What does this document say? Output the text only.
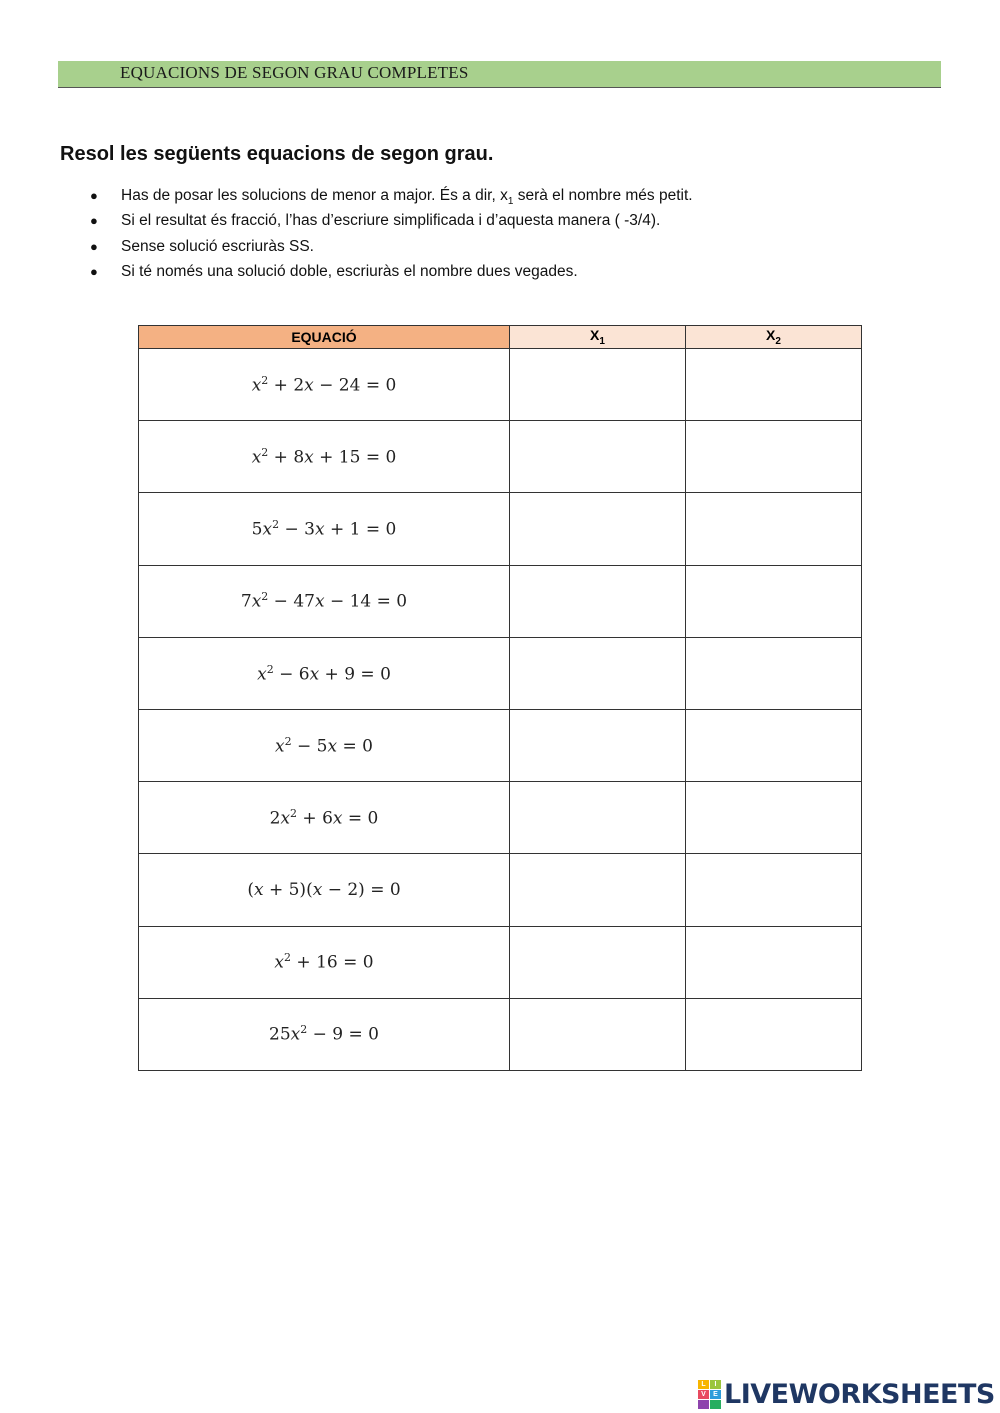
EQUACIONS DE SEGON GRAU COMPLETES
Resol les següents equacions de segon grau.
● Has de posar les solucions de menor a major. És a dir, $x_1$ serà el nombre més petit.
● Si el resultat és fracció, l’has d’escriure simplificada i d’aquesta manera ( -3/4).
● Sense solució escriuràs SS.
● Si té només una solució doble, escriuràs el nombre dues vegades.
EQUACIÓ	$X_1$	$X_2$
$x^2 + 2x - 24 = 0$		
$x^2 + 8x + 15 = 0$		
$5x^2 - 3x + 1 = 0$		
$7x^2 - 47x - 14 = 0$		
$x^2 - 6x + 9 = 0$		
$x^2 - 5x = 0$		
$2x^2 + 6x = 0$		
(x + 5)(x − 2) = 0		
$x^2 + 16 = 0$		
$25x^2 - 9 = 0$		
L	I
V	E LIVEWORKSHEETS
